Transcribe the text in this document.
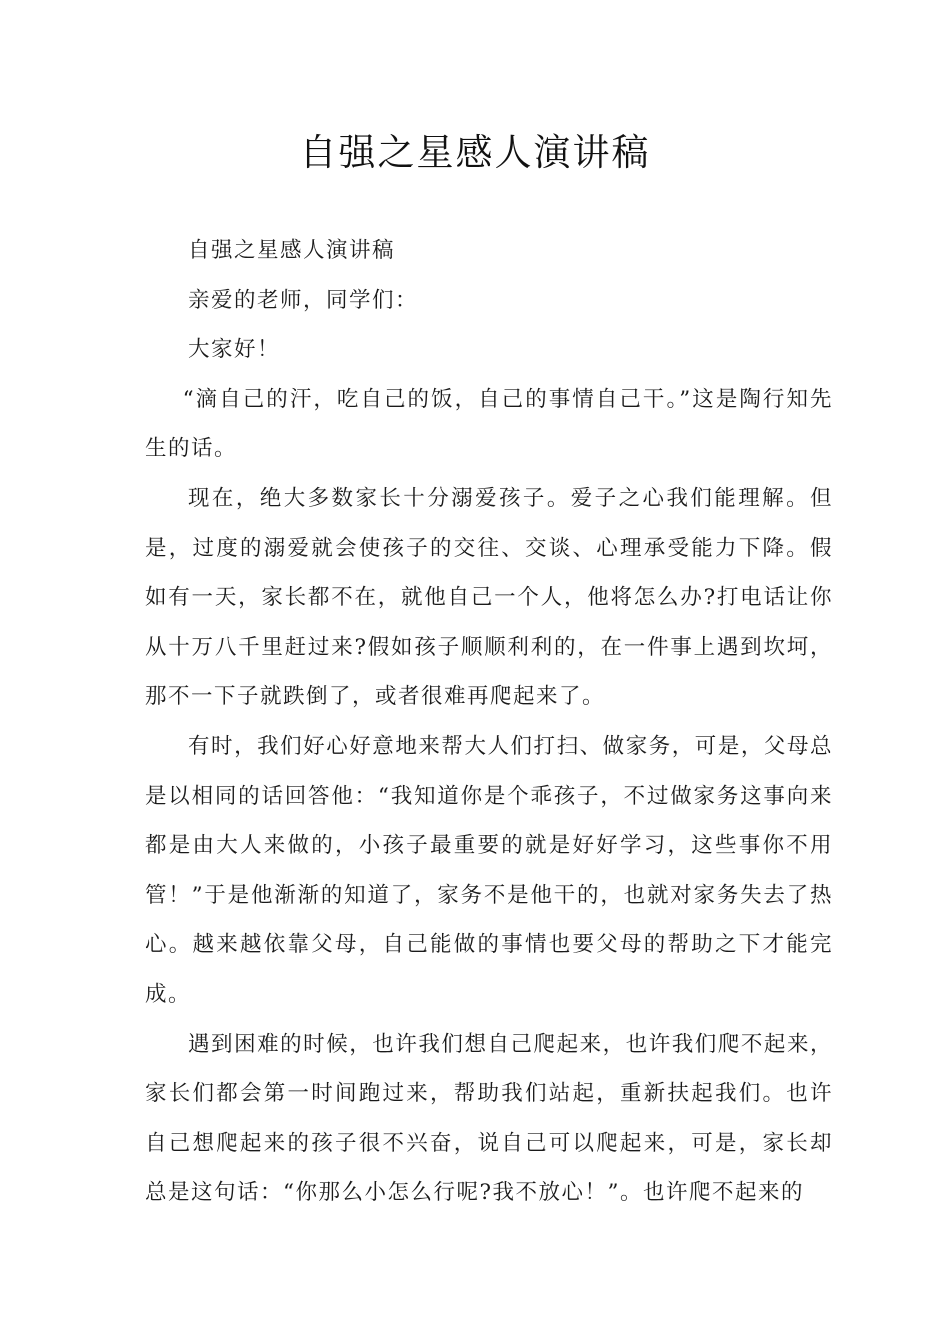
自强之星感人演讲稿

自强之星感人演讲稿

亲爱的老师，同学们：

大家好！

“滴自己的汗，吃自己的饭，自己的事情自己干。”这是陶行知先生的话。

现在，绝大多数家长十分溺爱孩子。爱子之心我们能理解。但是，过度的溺爱就会使孩子的交往、交谈、心理承受能力下降。假如有一天，家长都不在，就他自己一个人，他将怎么办?打电话让你从十万八千里赶过来?假如孩子顺顺利利的，在一件事上遇到坎坷，那不一下子就跌倒了，或者很难再爬起来了。

有时，我们好心好意地来帮大人们打扫、做家务，可是，父母总是以相同的话回答他：“我知道你是个乖孩子，不过做家务这事向来都是由大人来做的，小孩子最重要的就是好好学习，这些事你不用管！”于是他渐渐的知道了，家务不是他干的，也就对家务失去了热心。越来越依靠父母，自己能做的事情也要父母的帮助之下才能完成。

遇到困难的时候，也许我们想自己爬起来，也许我们爬不起来，家长们都会第一时间跑过来，帮助我们站起，重新扶起我们。也许自己想爬起来的孩子很不兴奋，说自己可以爬起来，可是，家长却总是这句话：“你那么小怎么行呢?我不放心！”。也许爬不起来的
